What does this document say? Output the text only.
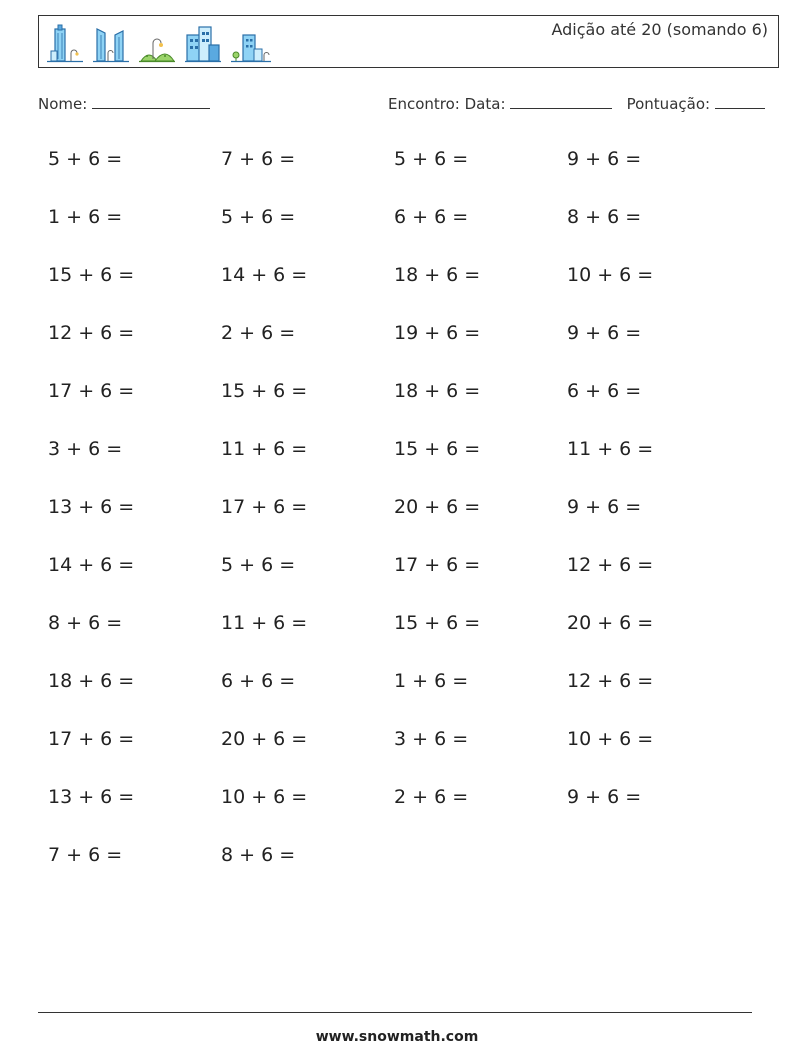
Adição até 20 (somando 6)
Nome:	Encontro: Data:	Pontuação:
5 + 6 =	7 + 6 =	5 + 6 =	9 + 6 =
1 + 6 =	5 + 6 =	6 + 6 =	8 + 6 =
15 + 6 =	14 + 6 =	18 + 6 =	10 + 6 =
12 + 6 =	2 + 6 =	19 + 6 =	9 + 6 =
17 + 6 =	15 + 6 =	18 + 6 =	6 + 6 =
3 + 6 =	11 + 6 =	15 + 6 =	11 + 6 =
13 + 6 =	17 + 6 =	20 + 6 =	9 + 6 =
14 + 6 =	5 + 6 =	17 + 6 =	12 + 6 =
8 + 6 =	11 + 6 =	15 + 6 =	20 + 6 =
18 + 6 =	6 + 6 =	1 + 6 =	12 + 6 =
17 + 6 =	20 + 6 =	3 + 6 =	10 + 6 =
13 + 6 =	10 + 6 =	2 + 6 =	9 + 6 =
7 + 6 =	8 + 6 =
www.snowmath.com
